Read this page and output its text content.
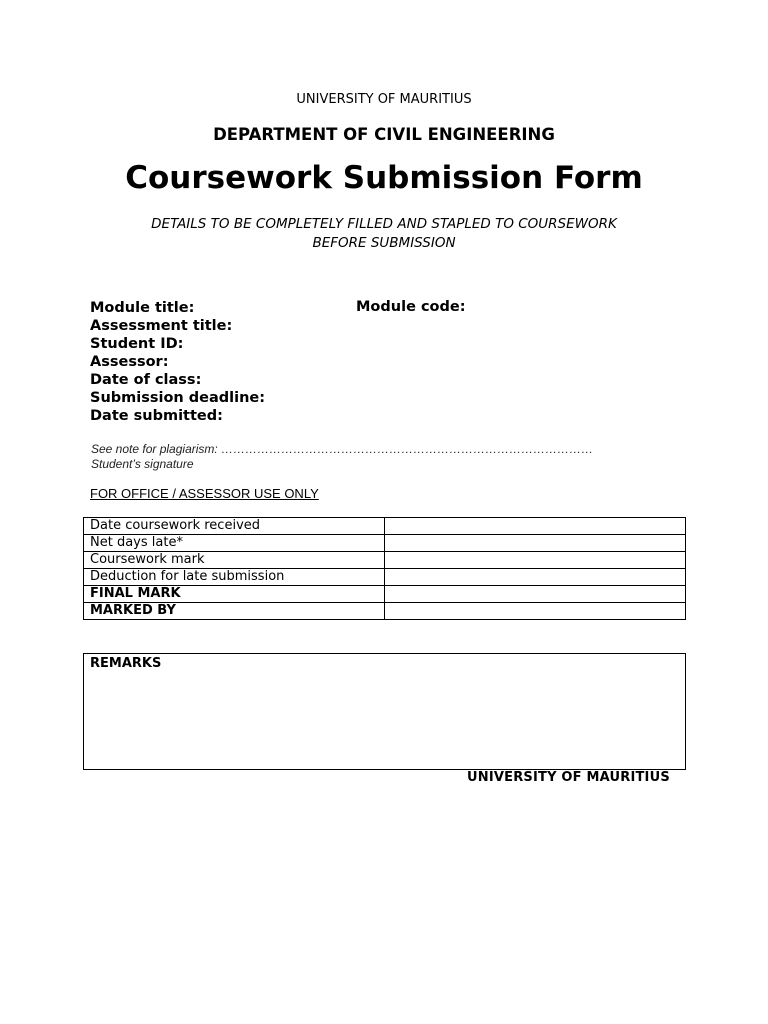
UNIVERSITY OF MAURITIUS
DEPARTMENT OF CIVIL ENGINEERING
Coursework Submission Form
DETAILS TO BE COMPLETELY FILLED AND STAPLED TO COURSEWORK
BEFORE SUBMISSION
Module title:	Module code:
Assessment title:
Student ID:
Assessor:
Date of class:
Submission deadline:
Date submitted:
See note for plagiarism: …………………………………………………………………………………
Student’s signature
FOR OFFICE / ASSESSOR USE ONLY
Date coursework received	
Net days late*	
Coursework mark	
Deduction for late submission	
FINAL MARK	
MARKED BY	
REMARKS
UNIVERSITY OF MAURITIUS
